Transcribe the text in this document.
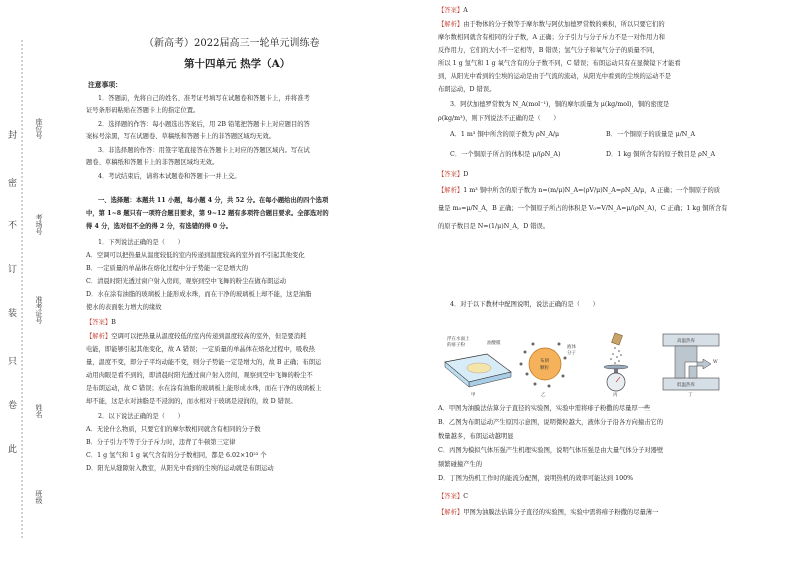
封
密
不
订
装
只
卷
此
座位号
考场号
准考证号
姓名
班级
（新高考）2022届高三一轮单元训练卷
第十四单元 热学（A）
注意事项：
1．答题前，先将自己的姓名、准考证号填写在试题卷和答题卡上，并将准考
证号条形码粘贴在答题卡上的指定位置。
2．选择题的作答：每小题选出答案后，用 2B 铅笔把答题卡上对应题目的答
案标号涂黑，写在试题卷、草稿纸和答题卡上的非答题区域均无效。
3．非选择题的作答：用签字笔直接答在答题卡上对应的答题区域内。写在试
题卷、草稿纸和答题卡上的非答题区域均无效。
4．考试结束后，请将本试题卷和答题卡一并上交。
一、选择题：本题共 11 小题，每小题 4 分，共 52 分。在每小题给出的四个选项
中，第 1~8 题只有一项符合题目要求，第 9~12 题有多项符合题目要求。全部选对的
得 4 分，选对但不全的得 2 分，有选错的得 0 分。
1．下列说法正确的是（　　）
A．空调可以把热量从温度较低的室内传递到温度较高的室外而不引起其他变化
B．一定质量的单晶体在熔化过程中分子势能一定是增大的
C．清晨时阳光透过窗户射入房间，观察到空中飞舞的粉尘在做布朗运动
D．水在涂有油脂的玻璃板上能形成水珠，而在干净的玻璃板上却不能，这是油脂
使水的表面张力增大的缘故
【答案】B
【解析】空调可以把热量从温度较低的室内传递到温度较高的室外，但是要消耗
电能，即能够引起其他变化，故 A 错误；一定质量的单晶体在熔化过程中，吸收热
量，温度不变，即分子平均动能不变，则分子势能一定是增大的，故 B 正确；布朗运
动用肉眼是看不到的，即清晨时阳光透过窗户射入房间，观察到空中飞舞的粉尘不
是布朗运动，故 C 错误；水在涂有油脂的玻璃板上能形成水珠，而在干净的玻璃板上
却不能，这是水对油脂是不浸润的，而水相对干玻璃是浸润的，故 D 错误。
2．以下说法正确的是（　　）
A．无论什么物质，只要它们的摩尔数相同就含有相同的分子数
B．分子引力不等于分子斥力时，违背了牛顿第三定律
C．1 g 氢气和 1 g 氧气含有的分子数相同，都是 6.02×10²³ 个
D．阳光从缝隙射入教室，从阳光中看到的尘埃的运动就是布朗运动
【答案】A
【解析】由于物体的分子数等于摩尔数与阿伏加德罗常数的乘积，所以只要它们的
摩尔数相同就含有相同的分子数，A 正确；分子引力与分子斥力不是一对作用力和
反作用力，它们的大小不一定相等，B 错误；氢气分子和氧气分子的质量不同，
所以 1 g 氢气和 1 g 氧气含有的分子数不同，C 错误；布朗运动只有在显微镜下才能看
到，从阳光中看到的尘埃的运动是由于气流的流动，从阳光中看到的尘埃的运动不是
布朗运动，D 错误。
3．阿伏加德罗常数为 N_A(mol⁻¹)，铜的摩尔质量为 μ(kg/mol)，铜的密度是
ρ(kg/m³)，则下列说法不正确的是（　　）
A．1 m³ 铜中所含的原子数为 ρN_A/μ	B．一个铜原子的质量是 μ/N_A
C．一个铜原子所占的体积是 μ/(ρN_A)	D．1 kg 铜所含有的原子数目是 ρN_A
【答案】D
【解析】1 m³ 铜中所含的原子数为 n=(m/μ)N_A=(ρV/μ)N_A=ρN_A/μ，A 正确；一个铜原子的质
量是 m₀=μ/N_A，B 正确；一个铜原子所占的体积是 V₀=V/N_A=μ/(ρN_A)，C 正确；1 kg 铜所含有
的原子数目是 N=(1/μ)N_A，D 错误。
4．对于以下教材中配图说明，说法正确的是（　　）
A．甲图为油膜法估算分子直径的实验图，实验中需将痱子粉撒的尽量厚一些
B．乙图为布朗运动产生原因示意图，说明微粒越大，液体分子沿各方向撞击它的
数量越多，布朗运动越明显
C．丙图为模拟气体压强产生机理实验图，说明气体压强是由大量气体分子对器壁
频繁碰撞产生的
D．丁图为热机工作时的能流分配图，说明热机的效率可能达到 100%
【答案】C
【解析】甲图为油膜法估算分子直径的实验图，实验中需将痱子粉撒的尽量薄一
浮在水面上
的痱子粉	油酸膜
甲
布朗
颗粒
液体
分子
乙	丙
高温热库
低温热库
W
丁
